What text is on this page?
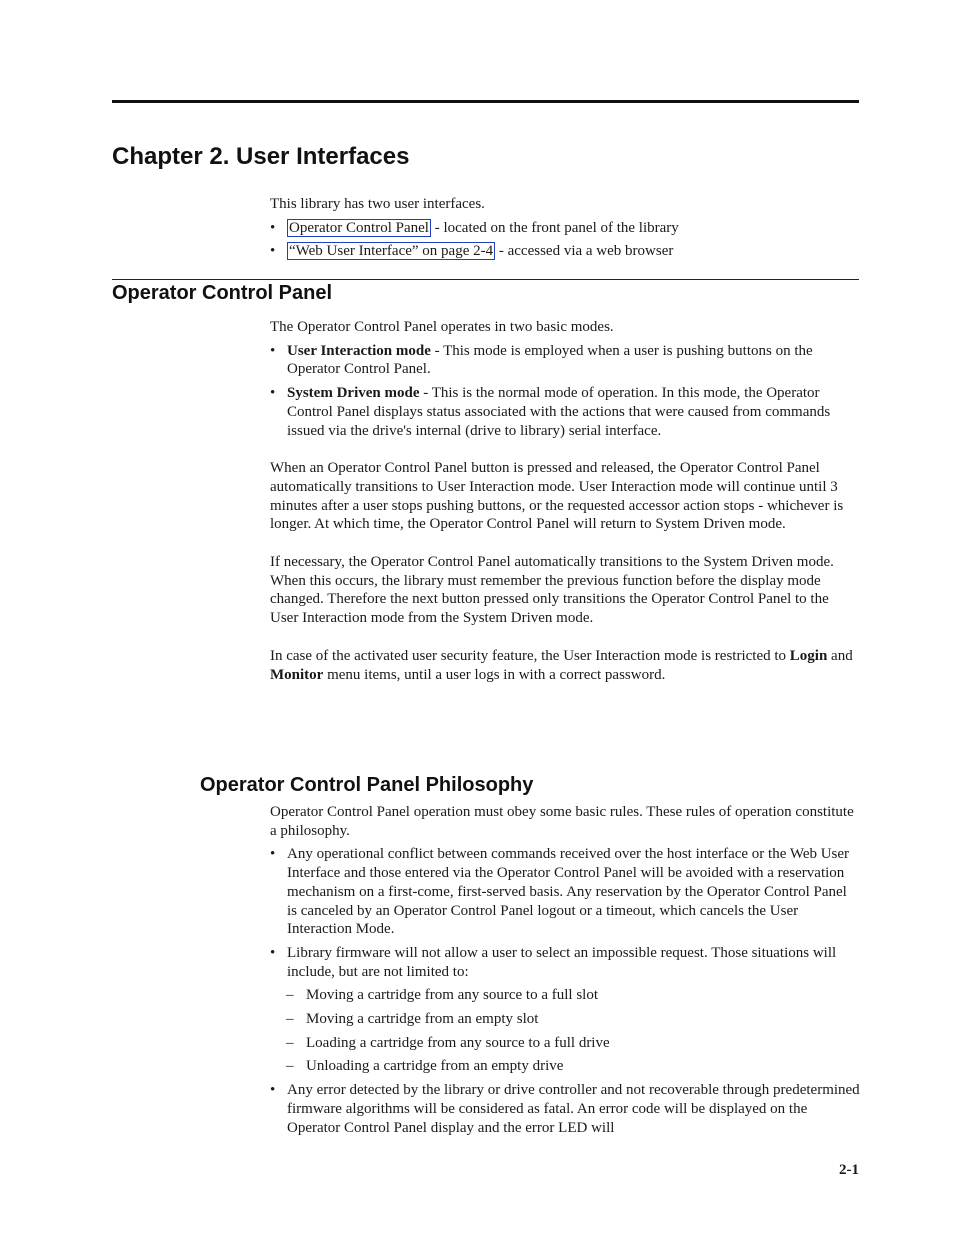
Chapter 2. User Interfaces

This library has two user interfaces.

• Operator Control Panel - located on the front panel of the library
• “Web User Interface” on page 2-4 - accessed via a web browser
Operator Control Panel

The Operator Control Panel operates in two basic modes.

• User Interaction mode - This mode is employed when a user is pushing buttons on the Operator Control Panel.
• System Driven mode - This is the normal mode of operation. In this mode, the Operator Control Panel displays status associated with the actions that were caused from commands issued via the drive's internal (drive to library) serial interface.

When an Operator Control Panel button is pressed and released, the Operator Control Panel automatically transitions to User Interaction mode. User Interaction mode will continue until 3 minutes after a user stops pushing buttons, or the requested accessor action stops - whichever is longer. At which time, the Operator Control Panel will return to System Driven mode.

If necessary, the Operator Control Panel automatically transitions to the System Driven mode. When this occurs, the library must remember the previous function before the display mode changed. Therefore the next button pressed only transitions the Operator Control Panel to the User Interaction mode from the System Driven mode.

In case of the activated user security feature, the User Interaction mode is restricted to Login and Monitor menu items, until a user logs in with a correct password.

Operator Control Panel Philosophy

Operator Control Panel operation must obey some basic rules. These rules of operation constitute a philosophy.

• Any operational conflict between commands received over the host interface or the Web User Interface and those entered via the Operator Control Panel will be avoided with a reservation mechanism on a first-come, first-served basis. Any reservation by the Operator Control Panel is canceled by an Operator Control Panel logout or a timeout, which cancels the User Interaction Mode.
• Library firmware will not allow a user to select an impossible request. Those situations will include, but are not limited to:
– Moving a cartridge from any source to a full slot
– Moving a cartridge from an empty slot
– Loading a cartridge from any source to a full drive
– Unloading a cartridge from an empty drive
• Any error detected by the library or drive controller and not recoverable through predetermined firmware algorithms will be considered as fatal. An error code will be displayed on the Operator Control Panel display and the error LED will
2-1
